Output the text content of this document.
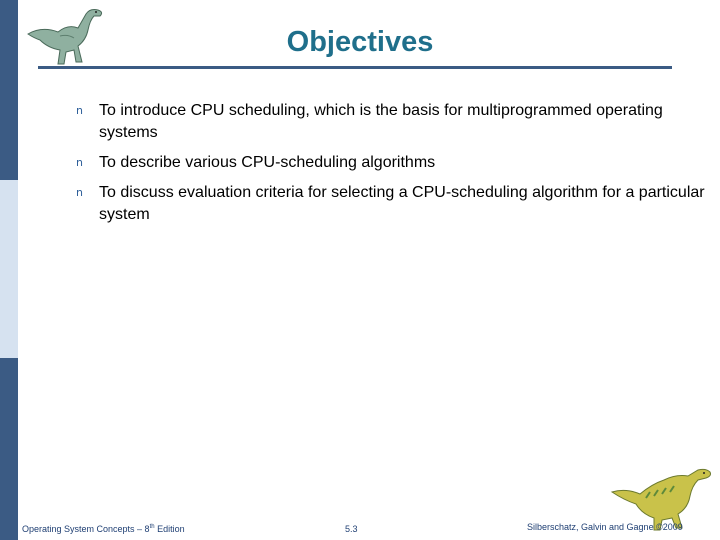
Objectives
n To introduce CPU scheduling, which is the basis for multiprogrammed operating systems
n To describe various CPU-scheduling algorithms
n To discuss evaluation criteria for selecting a CPU-scheduling algorithm for a particular system
Operating System Concepts – 8th Edition	5.3	Silberschatz, Galvin and Gagne ©2009
